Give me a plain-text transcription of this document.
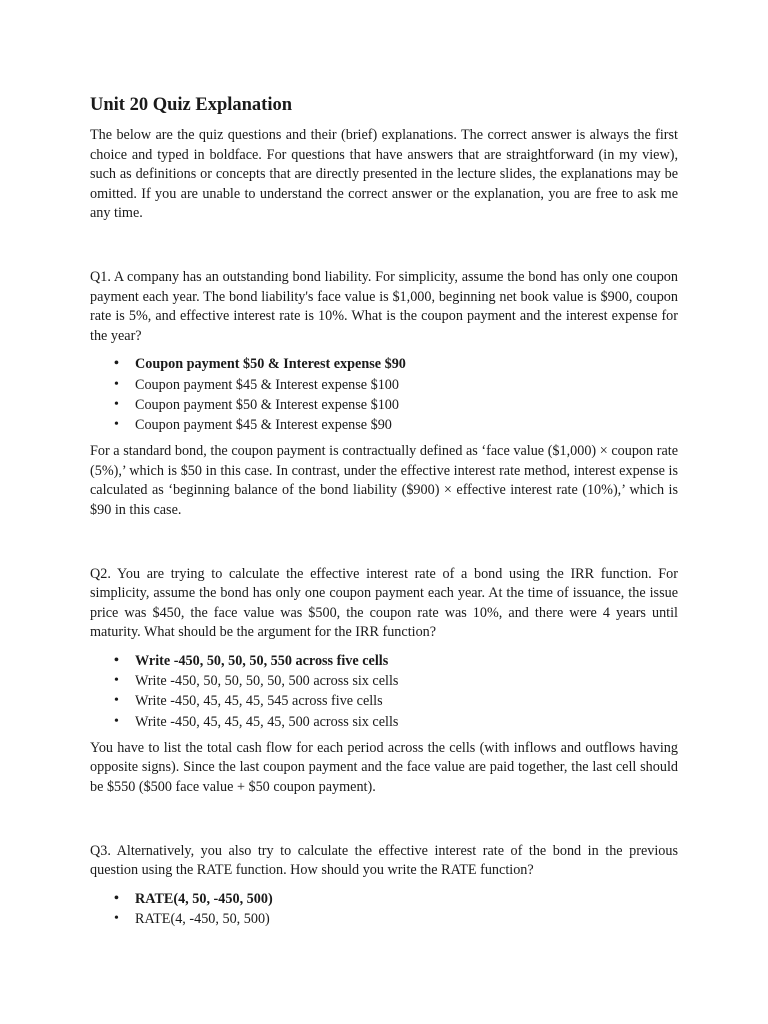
Unit 20 Quiz Explanation

The below are the quiz questions and their (brief) explanations. The correct answer is always the first choice and typed in boldface. For questions that have answers that are straightforward (in my view), such as definitions or concepts that are directly presented in the lecture slides, the explanations may be omitted. If you are unable to understand the correct answer or the explanation, you are free to ask me any time.

Q1. A company has an outstanding bond liability. For simplicity, assume the bond has only one coupon payment each year. The bond liability's face value is $1,000, beginning net book value is $900, coupon rate is 5%, and effective interest rate is 10%. What is the coupon payment and the interest expense for the year?

• Coupon payment $50 & Interest expense $90
• Coupon payment $45 & Interest expense $100
• Coupon payment $50 & Interest expense $100
• Coupon payment $45 & Interest expense $90

For a standard bond, the coupon payment is contractually defined as ‘face value ($1,000) × coupon rate (5%),’ which is $50 in this case. In contrast, under the effective interest rate method, interest expense is calculated as ‘beginning balance of the bond liability ($900) × effective interest rate (10%),’ which is $90 in this case.

Q2. You are trying to calculate the effective interest rate of a bond using the IRR function. For simplicity, assume the bond has only one coupon payment each year. At the time of issuance, the issue price was $450, the face value was $500, the coupon rate was 10%, and there were 4 years until maturity. What should be the argument for the IRR function?

• Write -450, 50, 50, 50, 550 across five cells
• Write -450, 50, 50, 50, 50, 500 across six cells
• Write -450, 45, 45, 45, 545 across five cells
• Write -450, 45, 45, 45, 45, 500 across six cells

You have to list the total cash flow for each period across the cells (with inflows and outflows having opposite signs). Since the last coupon payment and the face value are paid together, the last cell should be $550 ($500 face value + $50 coupon payment).

Q3. Alternatively, you also try to calculate the effective interest rate of the bond in the previous question using the RATE function. How should you write the RATE function?

• RATE(4, 50, -450, 500)
• RATE(4, -450, 50, 500)
